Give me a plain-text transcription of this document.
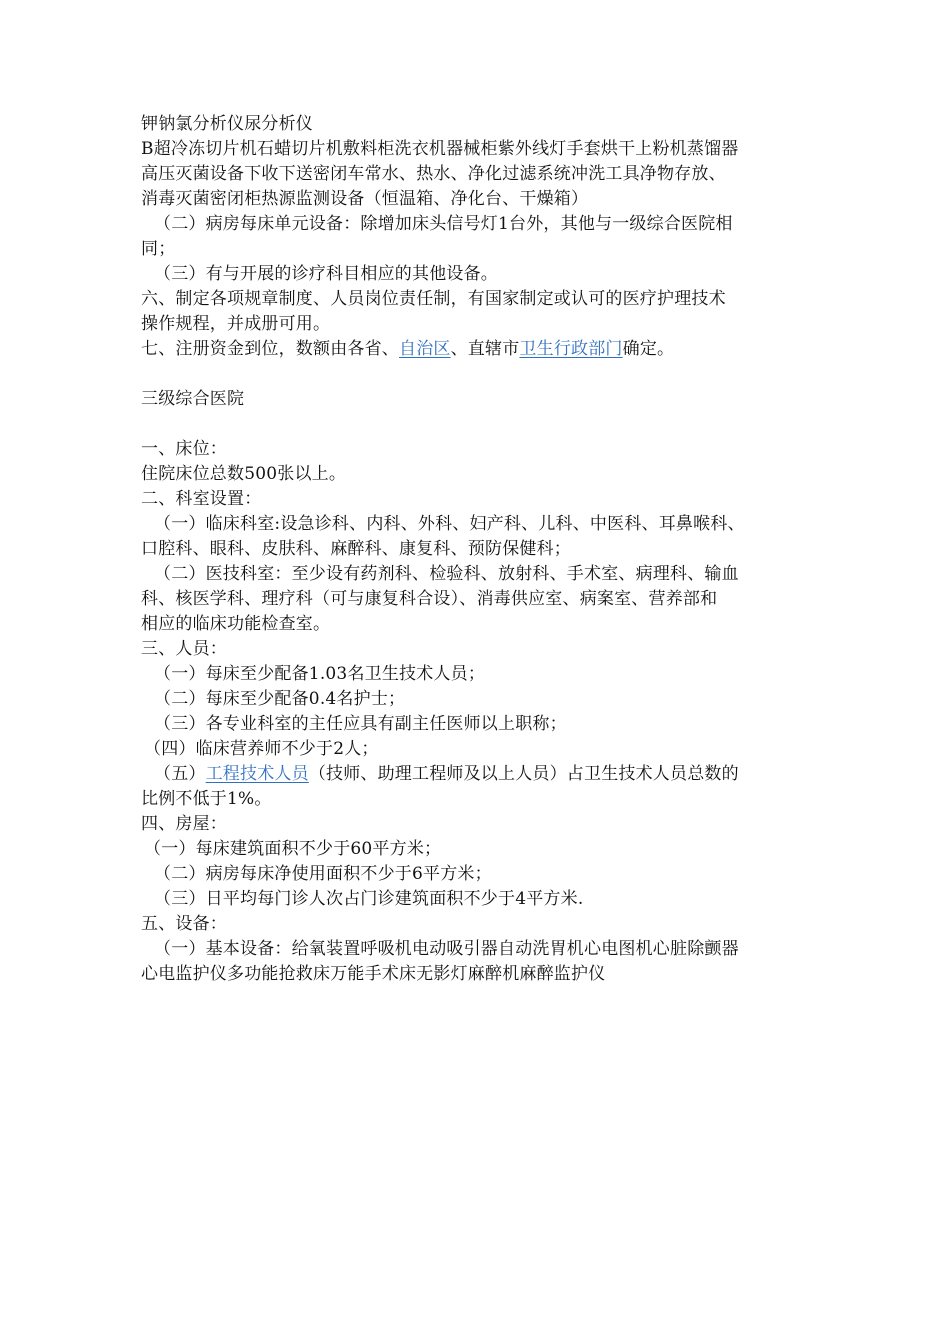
钾钠氯分析仪尿分析仪

B超冷冻切片机石蜡切片机敷料柜洗衣机器械柜紫外线灯手套烘干上粉机蒸馏器

高压灭菌设备下收下送密闭车常水、热水、净化过滤系统冲洗工具净物存放、

消毒灭菌密闭柜热源监测设备（恒温箱、净化台、干燥箱）

（二）病房每床单元设备：除增加床头信号灯1台外，其他与一级综合医院相

同；

（三）有与开展的诊疗科目相应的其他设备。

六、制定各项规章制度、人员岗位责任制，有国家制定或认可的医疗护理技术

操作规程，并成册可用。

七、注册资金到位，数额由各省、自治区、直辖市卫生行政部门确定。

三级综合医院

一、床位：

住院床位总数500张以上。

二、科室设置：

（一）临床科室:设急诊科、内科、外科、妇产科、儿科、中医科、耳鼻喉科、

口腔科、眼科、皮肤科、麻醉科、康复科、预防保健科；

（二）医技科室：至少设有药剂科、检验科、放射科、手术室、病理科、输血

科、核医学科、理疗科（可与康复科合设）、消毒供应室、病案室、营养部和

相应的临床功能检查室。

三、人员：

（一）每床至少配备1.03名卫生技术人员；

（二）每床至少配备0.4名护士；

（三）各专业科室的主任应具有副主任医师以上职称；

（四）临床营养师不少于2人；

（五）工程技术人员（技师、助理工程师及以上人员）占卫生技术人员总数的

比例不低于1%。

四、房屋：

（一）每床建筑面积不少于60平方米；

（二）病房每床净使用面积不少于6平方米；

（三）日平均每门诊人次占门诊建筑面积不少于4平方米.

五、设备：

（一）基本设备：给氧装置呼吸机电动吸引器自动洗胃机心电图机心脏除颤器

心电监护仪多功能抢救床万能手术床无影灯麻醉机麻醉监护仪
